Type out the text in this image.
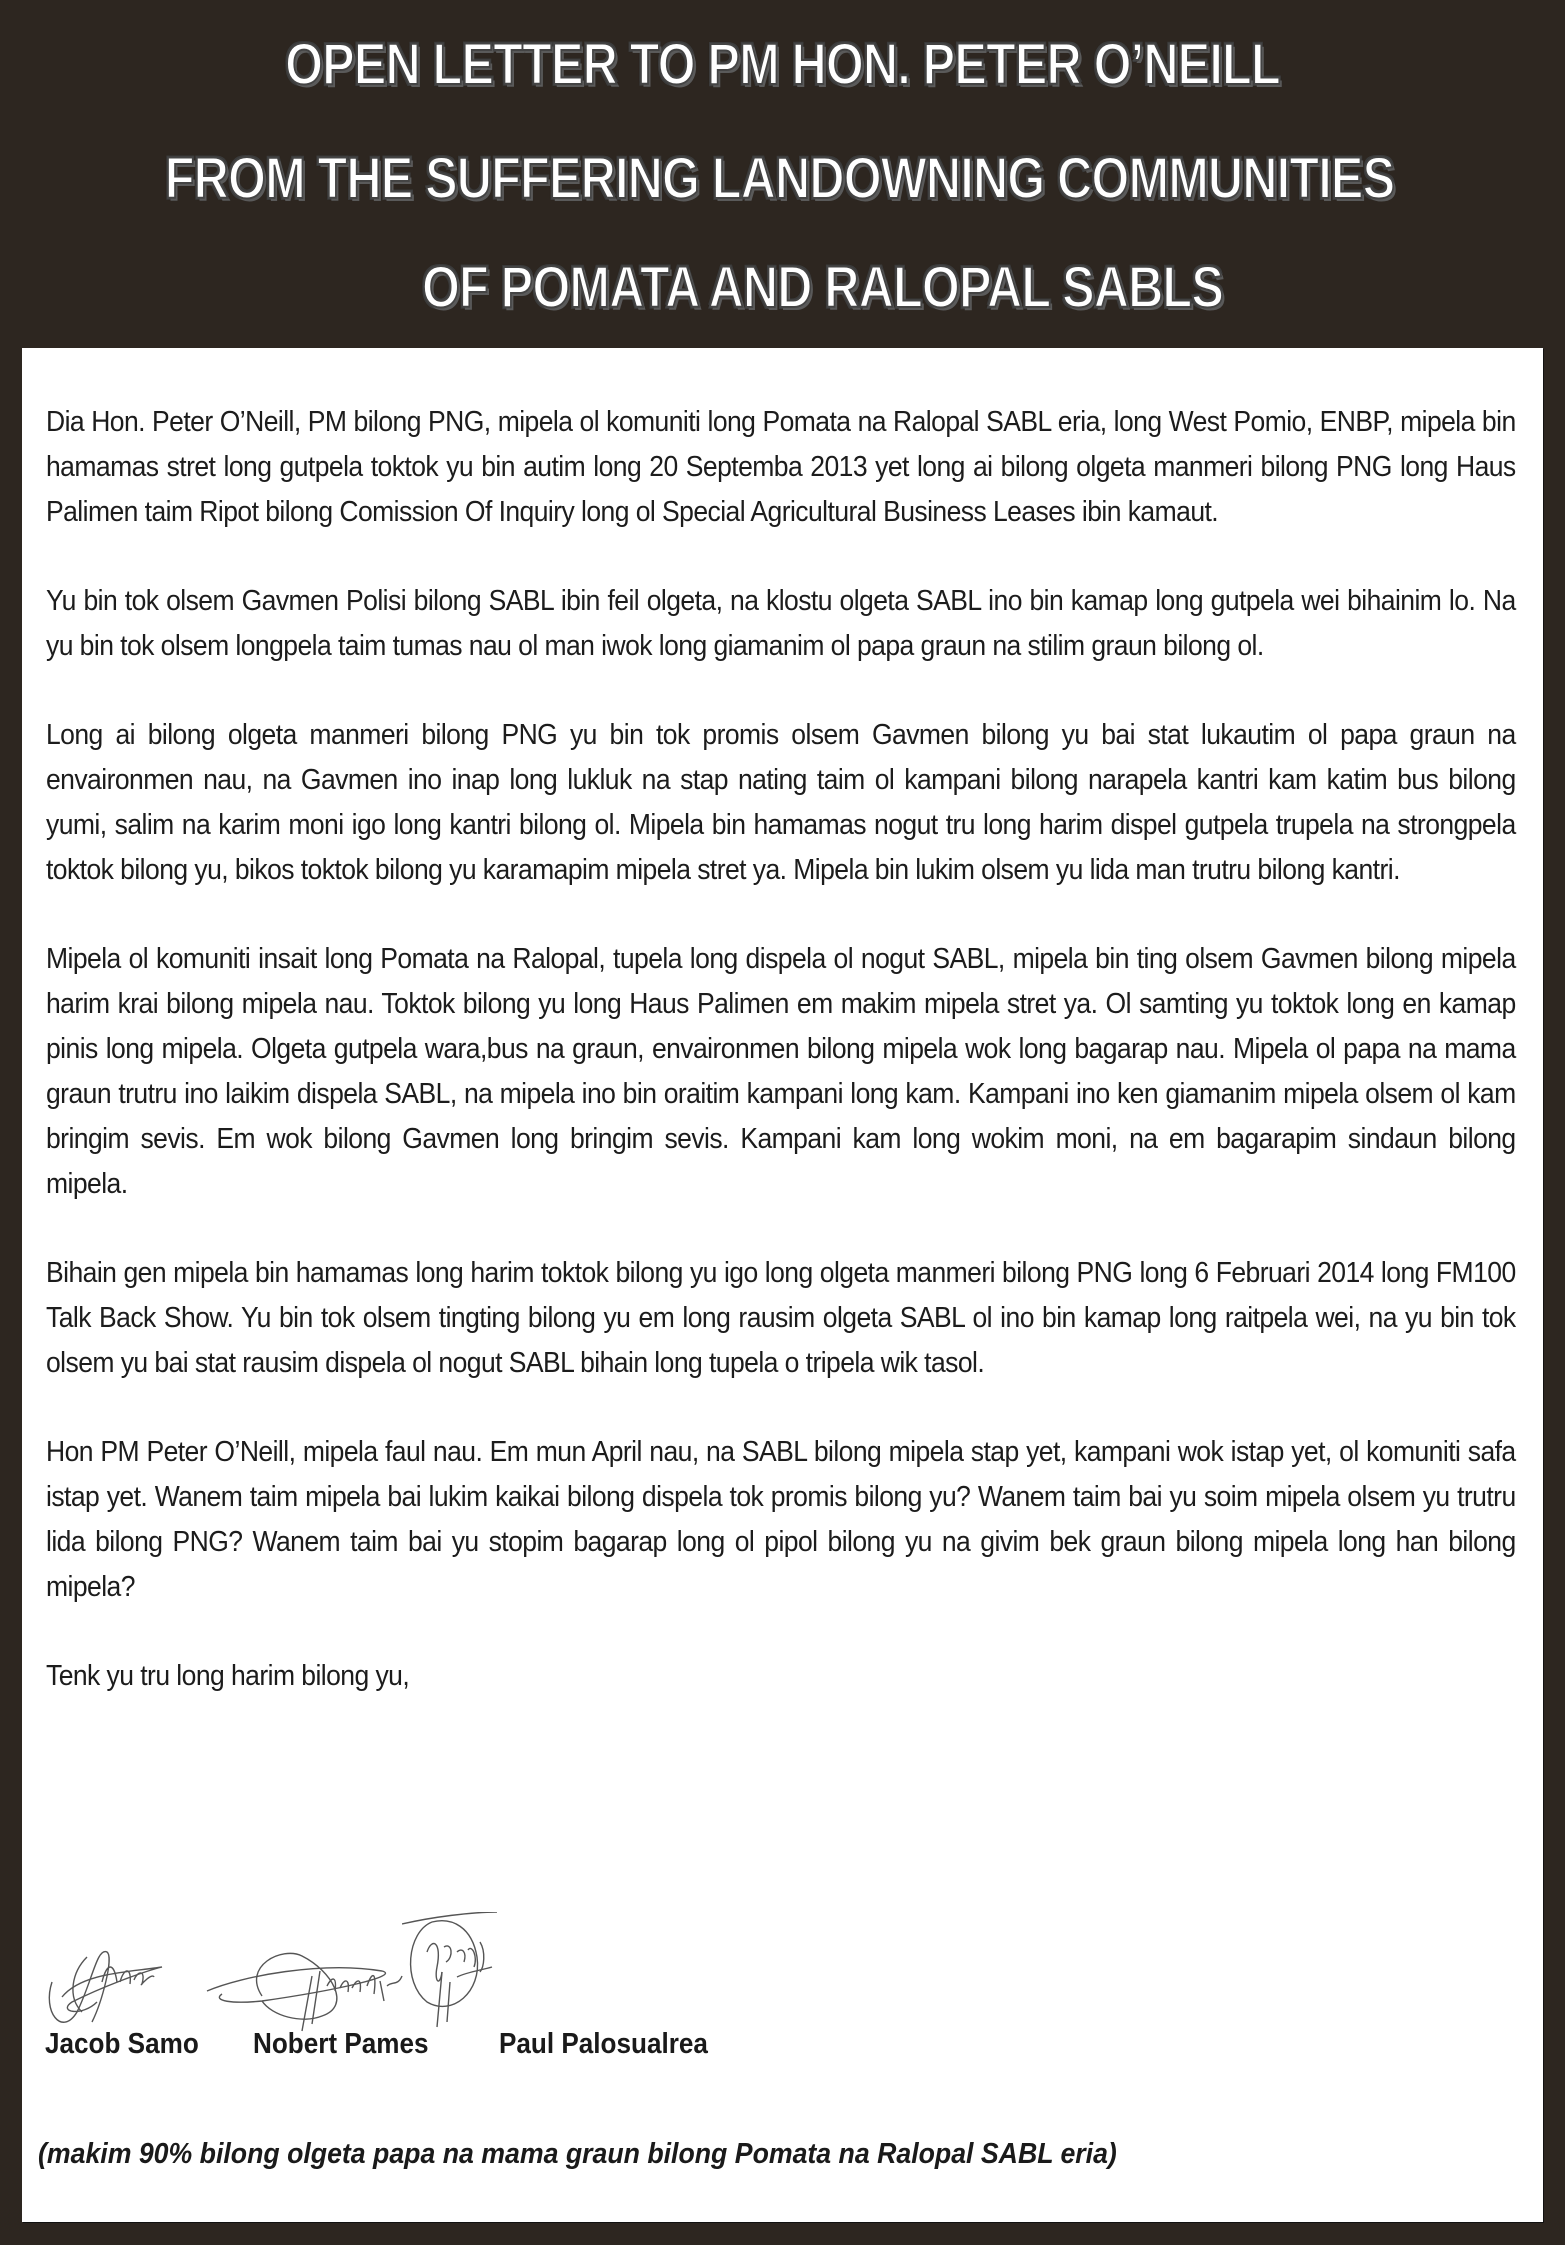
OPEN LETTER TO PM HON. PETER O’NEILL
FROM THE SUFFERING LANDOWNING COMMUNITIES
OF POMATA AND RALOPAL SABLS

Dia Hon. Peter O’Neill, PM bilong PNG, mipela ol komuniti long Pomata na Ralopal SABL eria, long West Pomio, ENBP, mipela bin hamamas stret long gutpela toktok yu bin autim long 20 Septemba 2013 yet long ai bilong olgeta manmeri bilong PNG long Haus Palimen taim Ripot bilong Comission Of Inquiry long ol Special Agricultural Business Leases ibin kamaut.

Yu bin tok olsem Gavmen Polisi bilong SABL ibin feil olgeta, na klostu olgeta SABL ino bin kamap long gutpela wei bihainim lo. Na yu bin tok olsem longpela taim tumas nau ol man iwok long giamanim ol papa graun na stilim graun bilong ol.

Long ai bilong olgeta manmeri bilong PNG yu bin tok promis olsem Gavmen bilong yu bai stat lukautim ol papa graun na envaironmen nau, na Gavmen ino inap long lukluk na stap nating taim ol kampani bilong narapela kantri kam katim bus bilong yumi, salim na karim moni igo long kantri bilong ol. Mipela bin hamamas nogut tru long harim dispel gutpela trupela na strongpela toktok bilong yu, bikos toktok bilong yu karamapim mipela stret ya. Mipela bin lukim olsem yu lida man trutru bilong kantri.

Mipela ol komuniti insait long Pomata na Ralopal, tupela long dispela ol nogut SABL, mipela bin ting olsem Gavmen bilong mipela harim krai bilong mipela nau. Toktok bilong yu long Haus Palimen em makim mipela stret ya. Ol samting yu toktok long en kamap pinis long mipela. Olgeta gutpela wara,bus na graun, envaironmen bilong mipela wok long bagarap nau. Mipela ol papa na mama graun trutru ino laikim dispela SABL, na mipela ino bin oraitim kampani long kam. Kampani ino ken giamanim mipela olsem ol kam bringim sevis. Em wok bilong Gavmen long bringim sevis. Kampani kam long wokim moni, na em bagarapim sindaun bilong mipela.

Bihain gen mipela bin hamamas long harim toktok bilong yu igo long olgeta manmeri bilong PNG long 6 Februari 2014 long FM100 Talk Back Show. Yu bin tok olsem tingting bilong yu em long rausim olgeta SABL ol ino bin kamap long raitpela wei, na yu bin tok olsem yu bai stat rausim dispela ol nogut SABL bihain long tupela o tripela wik tasol.

Hon PM Peter O’Neill, mipela faul nau. Em mun April nau, na SABL bilong mipela stap yet, kampani wok istap yet, ol komuniti safa istap yet. Wanem taim mipela bai lukim kaikai bilong dispela tok promis bilong yu? Wanem taim bai yu soim mipela olsem yu trutru lida bilong PNG? Wanem taim bai yu stopim bagarap long ol pipol bilong yu na givim bek graun bilong mipela long han bilong mipela?

Tenk yu tru long harim bilong yu,

Jacob Samo Nobert Pames Paul Palosualrea
(makim 90% bilong olgeta papa na mama graun bilong Pomata na Ralopal SABL eria)
